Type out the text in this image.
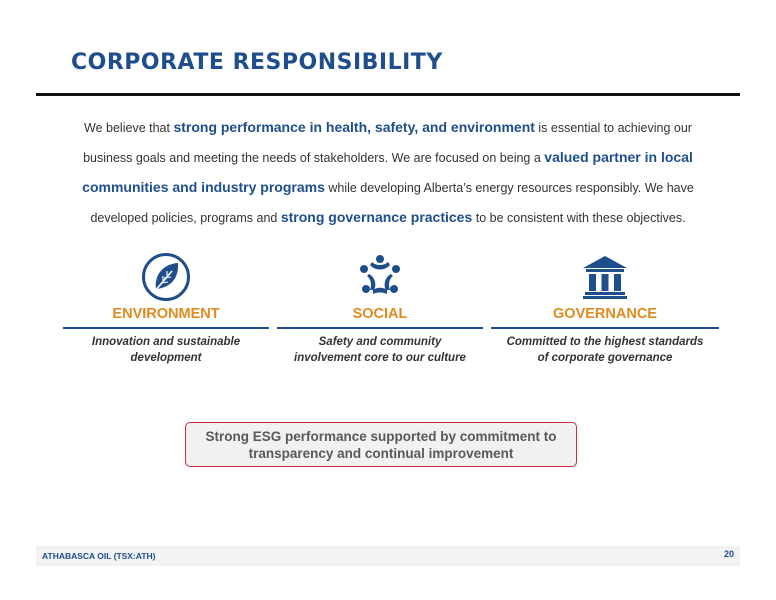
CORPORATE RESPONSIBILITY
We believe that strong performance in health, safety, and environment is essential to achieving our business goals and meeting the needs of stakeholders. We are focused on being a valued partner in local communities and industry programs while developing Alberta’s energy resources responsibly. We have developed policies, programs and strong governance practices to be consistent with these objectives.
ENVIRONMENT
Innovation and sustainable
development
SOCIAL
Safety and community
involvement core to our culture
GOVERNANCE
Committed to the highest standards
of corporate governance
Strong ESG performance supported by commitment to
transparency and continual improvement
ATHABASCA OIL (TSX:ATH)	20
